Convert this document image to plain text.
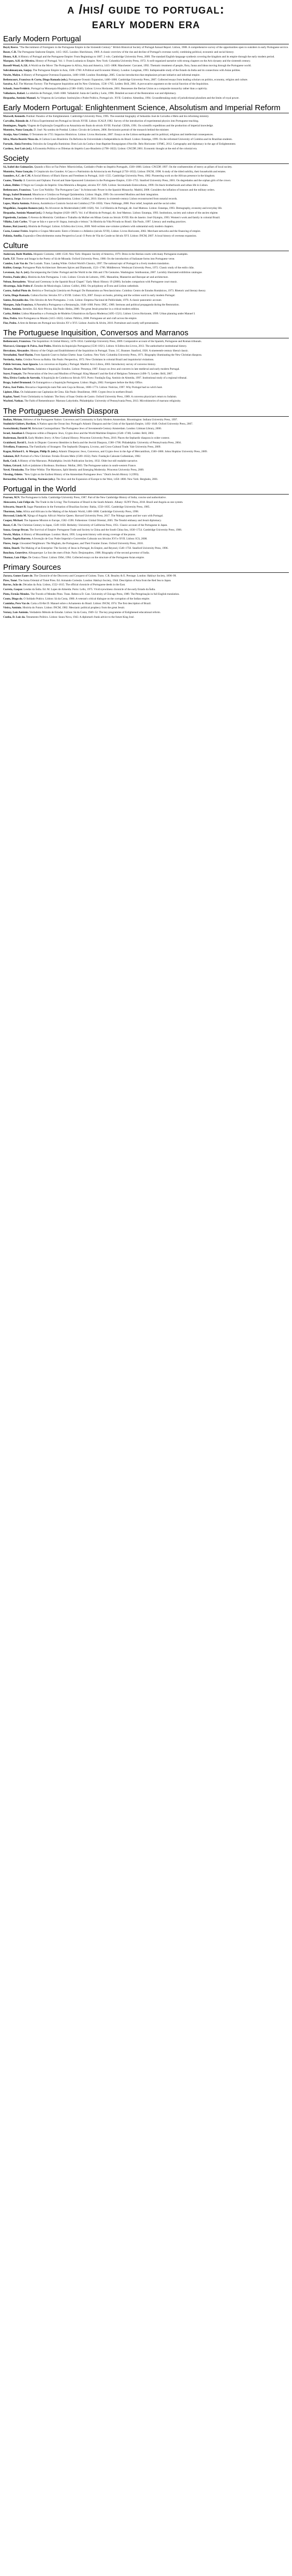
a /his/ guide to portugal:
early modern era
Early Modern Portugal

Boyd, Reeve. "The Recruitment of Foreigners in the Portuguese Empire in the Sixteenth Century." British Historical Society of Portugal Annual Report. Lisbon, 1988. A comprehensive survey of the opportunities open to outsiders in early Portuguese service.

Boxer, C.R. The Portuguese Seaborne Empire, 1415–1825. London: Hutchinson, 1969. A classic overview of the rise and decline of Portugal's overseas world, combining political, economic and social history.

Disney, A.R. A History of Portugal and the Portuguese Empire: From Beginnings to 1807. 2 vols. Cambridge University Press, 2009. The standard English-language synthesis covering the kingdom and its empire through the early modern period.

Marques, A.H. de Oliveira. History of Portugal. Vol. 1: From Lusitania to Empire. New York: Columbia University Press, 1972. A well-organized narrative with strong chapters on the Avis dynasty and the sixteenth century.

Russell-Wood, A.J.R. A World on the Move: The Portuguese in Africa, Asia and America, 1415–1808. Manchester: Carcanet, 1992. Thematic treatment of people, flora, fauna and ideas moving through the Portuguese world.

Subrahmanyam, Sanjay. The Portuguese Empire in Asia, 1500–1700: A Political and Economic History. London: Longman, 1993. Indispensable study of the Estado da India and its connections with Asian polities.

Newitt, Malyn. A History of Portuguese Overseas Expansion, 1400–1668. London: Routledge, 2005. Concise introduction that emphasizes private initiative and informal empire.

Bethencourt, Francisco & Curto, Diogo Ramada (eds.). Portuguese Oceanic Expansion, 1400–1800. Cambridge University Press, 2007. Collected essays from leading scholars on politics, economy, religion and culture.

Saraiva, A.J. The Marrano Factory: The Portuguese Inquisition and Its New Christians, 1536–1765. Leiden: Brill, 2001. A provocative argument on the social function of the Inquisition.

Schaub, Jean-Frédéric. Portugal na Monarquia Hispânica (1580–1640). Lisbon: Livros Horizonte, 2001. Reassesses the Iberian Union as a composite monarchy rather than a captivity.

Valladares, Rafael. La rebelión de Portugal, 1640–1680. Valladolid: Junta de Castilla y León, 1998. Detailed account of the Restoration war and diplomacy.

Hespanha, António Manuel. As Vésperas do Leviathan: Instituições e Poder Político, Portugal séc. XVII. Coimbra: Almedina, 1994. Groundbreaking study of jurisdictional pluralism and the limits of royal power.

Early Modern Portugal: Enlightenment Science, Absolutism and Imperial Reform

Maxwell, Kenneth. Pombal: Paradox of the Enlightenment. Cambridge University Press, 1995. The essential biography of Sebastião José de Carvalho e Melo and his reforming ministry.

Carvalho, Rómulo de. A Física Experimental em Portugal no Século XVIII. Lisbon: ICALP, 1982. Survey of the introduction of experimental physics into Portuguese teaching.

Domingues, Ângela. Viagens de Exploração Geográfica na Amazónia em finais do século XVIII. Funchal: CEHA, 1991. On scientific expeditions and the production of imperial knowledge.

Monteiro, Nuno Gonçalo. D. José: Na sombra de Pombal. Lisbon: Círculo de Leitores, 2006. Revisionist portrait of the monarch behind the minister.

Araújo, Ana Cristina. O Terramoto de 1755: Impactos Históricos. Lisbon: Livros Horizonte, 2007. Essays on the Lisbon earthquake and its political, religious and intellectual consequences.

Silva, Maria Beatriz Nizza da. A Cultura Luso-Brasileira: Da Reforma da Universidade à Independência do Brasil. Lisbon: Estampa, 1999. On the reformed University of Coimbra and its Brazilian students.

Furtado, Júnia Ferreira. Oráculos da Geografia Iluminista: Dom Luís da Cunha e Jean-Baptiste Bourguignon d'Anville. Belo Horizonte: UFMG, 2012. Cartography and diplomacy in the age of Enlightenment.

Cardoso, José Luís (ed.). A Economia Política e os Dilemas do Império Luso-Brasileiro (1790–1822). Lisbon: CNCDP, 2001. Economic thought at the end of the colonial era.

Society

Sá, Isabel dos Guimarães. Quando o Rico se Faz Pobre: Misericórdias, Caridade e Poder no Império Português, 1500–1800. Lisbon: CNCDP, 1997. On the confraternities of mercy as pillars of local society.

Monteiro, Nuno Gonçalo. O Crepúsculo dos Grandes: A Casa e o Património da Aristocracia em Portugal (1750–1832). Lisbon: INCM, 1998. A study of the titled nobility, their households and estates.

Saunders, A.C. de C.M. A Social History of Black Slaves and Freedmen in Portugal, 1441–1555. Cambridge University Press, 1982. Pioneering work on the African presence in the kingdom.

Coates, Timothy J. Convicts and Orphans: Forced and State-Sponsored Colonizers in the Portuguese Empire, 1550–1755. Stanford University Press, 2001. On degredados and the orphan girls of the crown.

Lahon, Didier. O Negro no Coração do Império: Uma Memória a Resgatar, séculos XV–XIX. Lisbon: Secretariado Entreculturas, 1999. On black brotherhoods and urban life in Lisbon.

Bethencourt, Francisco. "Low Cost Nobility: The Portuguese Case." In Aristocratic Power in the Spanish Monarchy. Madrid, 2008. Considers the inflation of honours and the military orders.

Braga, Isabel Drumond. Mouriscos e Cristãos no Portugal Quinhentista. Lisbon: Hugin, 1999. On converted Muslims and their integration.

Fonseca, Jorge. Escravos e Senhores na Lisboa Quinhentista. Lisbon: Colibri, 2010. Slavery in sixteenth-century Lisbon reconstructed from notarial records.

Lopes, Maria Antónia. Pobreza, Assistência e Controlo Social em Coimbra (1750–1850). Viseu: Palimage, 2000. Poor relief, hospitals and the social order.

Magalhães, Joaquim Romero (ed.). No Alvorecer da Modernidade (1480–1620). Vol. 3 of História de Portugal, dir. José Mattoso. Lisbon: Estampa, 1993. Demography, economy and everyday life.

Hespanha, António Manuel (ed.). O Antigo Regime (1620–1807). Vol. 4 of História de Portugal, dir. José Mattoso. Lisbon: Estampa, 1993. Institutions, society and culture of the ancien régime.

Figueiredo, Luciano. O Avesso da Memória: Cotidiano e Trabalho da Mulher em Minas Gerais no Século XVIII. Rio de Janeiro: José Olympio, 1993. Women's work and family in colonial Brazil.

Villalta, Luiz Carlos. "O que se fala e o que se lê: língua, instrução e leitura." In História da Vida Privada no Brasil. São Paulo, 1997. Literacy and reading practices.

Ramos, Rui (coord.). História de Portugal. Lisbon: A Esfera dos Livros, 2009. Well-written one-volume synthesis with substantial early modern chapters.

Costa, Leonor Freire. Império e Grupos Mercantis: Entre o Oriente e o Atlântico (século XVII). Lisbon: Livros Horizonte, 2002. Merchant networks and the financing of empire.

Polónia, Amélia. Expansão e Descobrimentos numa Perspectiva Local: O Porto de Vila do Conde no Século XVI. Lisbon: INCM, 2007. A local history of overseas expansion.

Culture

Anderson, Ruth Matilda. Hispanic Costume, 1480–1530. New York: Hispanic Society of America, 1979. Dress in the Iberian courts with many Portuguese examples.

Earle, T.F. Theme and Image in the Poetry of Sá de Miranda. Oxford University Press, 1980. On the introduction of Italianate forms into Portuguese verse.

Camões, Luís Vaz de. The Lusiads. Trans. Landeg White. Oxford World's Classics, 1997. The national epic of Portugal in a lively modern translation.

Kubler, George. Portuguese Plain Architecture: Between Spices and Diamonds, 1521–1706. Middletown: Wesleyan University Press, 1972. Classic study of the estilo chão.

Levenson, Jay A. (ed.). Encompassing the Globe: Portugal and the World in the 16th and 17th Centuries. Washington: Smithsonian, 2007. Lavishly illustrated exhibition catalogue.

Pereira, Paulo (dir.). História da Arte Portuguesa. 3 vols. Lisbon: Círculo de Leitores, 1995. Manueline, Mannerist and Baroque art and architecture.

Nelson, Bernadette. "Ritual and Ceremony in the Spanish Royal Chapel." Early Music History 19 (2000). Includes comparison with Portuguese court music.

Alvarenga, João Pedro d'. Estudos de Musicologia. Lisbon: Colibri, 2002. On polyphony at Évora and Lisbon cathedrals.

Castro, Aníbal Pinto de. Retórica e Teorização Literária em Portugal: Do Humanismo ao Neoclassicismo. Coimbra: Centro de Estudos Românicos, 1973. Rhetoric and literary theory.

Curto, Diogo Ramada. Cultura Escrita: Séculos XV a XVIII. Lisbon: ICS, 2007. Essays on books, printing and the written word in early modern Portugal.

Santos, Reynaldo dos. Oito Séculos de Arte Portuguesa. 3 vols. Lisbon: Empresa Nacional de Publicidade, 1970. A classic panoramic account.

Marques, João Francisco. A Parenética Portuguesa e a Restauração, 1640–1668. Porto: INIC, 1989. Sermons and political propaganda during the Restoration.

Vieira, António. Sermões. Ed. Alcir Pécora. São Paulo: Hedra, 2000. The great Jesuit preacher in a critical modern edition.

Carita, Helder. Lisboa Manuelina e a Formação de Modelos Urbanísticos da Época Moderna (1495–1521). Lisbon: Livros Horizonte, 1999. Urban planning under Manuel I.

Dias, Pedro. Arte Portuguesa no Mundo (1415–1822). Lisbon: Público, 2008. Portuguese art and craft across the empire.

Flor, Pedro. A Arte do Retrato em Portugal nos Séculos XV e XVI. Lisbon: Assírio & Alvim, 2010. Portraiture and courtly self-presentation.

The Portuguese Inquisition, Conversos and Marranos

Bethencourt, Francisco. The Inquisition: A Global History, 1478–1834. Cambridge University Press, 2009. Comparative account of the Spanish, Portuguese and Roman tribunals.

Marcocci, Giuseppe & Paiva, José Pedro. História da Inquisição Portuguesa (1536–1821). Lisbon: A Esfera dos Livros, 2013. The authoritative institutional history.

Herculano, Alexandre. History of the Origin and Establishment of the Inquisition in Portugal. Trans. J.C. Branner. Stanford, 1926. A nineteenth-century liberal classic.

Yerushalmi, Yosef Hayim. From Spanish Court to Italian Ghetto: Isaac Cardoso. New York: Columbia University Press, 1971. Biography illuminating the New Christian diaspora.

Novinsky, Anita. Cristãos Novos na Bahia. São Paulo: Perspectiva, 1972. New Christians in colonial Brazil and inquisitorial visitations.

Pulido Serrano, Juan Ignacio. Los conversos en España y Portugal. Madrid: Arco Libros, 2003. Introductory survey of converso history.

Tavares, Maria José Ferro. Judaísmo e Inquisição: Estudos. Lisbon: Presença, 1987. Essays on Jews and converts in late medieval and early modern Portugal.

Soyer, François. The Persecution of the Jews and Muslims of Portugal: King Manuel I and the End of Religious Tolerance (1496–7). Leiden: Brill, 2007.

Mea, Elvira Cunha de Azevedo. A Inquisição de Coimbra no Século XVI. Porto: Fundação Eng. António de Almeida, 1997. Institutional study of a regional tribunal.

Braga, Isabel Drumond. Os Estrangeiros e a Inquisição Portuguesa. Lisbon: Hugin, 2002. Foreigners before the Holy Office.

Paiva, José Pedro. Bruxaria e Superstição num País sem Caça às Bruxas, 1600–1774. Lisbon: Notícias, 1997. Why Portugal had no witch hunt.

Lipiner, Elias. Os Judaizantes nas Capitanias de Cima. São Paulo: Brasiliense, 1969. Crypto-Jews in northern Brazil.

Kaplan, Yosef. From Christianity to Judaism: The Story of Isaac Orobio de Castro. Oxford University Press, 1989. A converso physician's return to Judaism.

Wachtel, Nathan. The Faith of Remembrance: Marrano Labyrinths. Philadelphia: University of Pennsylvania Press, 2013. Microhistories of marrano religiosity.

The Portuguese Jewish Diaspora

Bodian, Miriam. Hebrews of the Portuguese Nation: Conversos and Community in Early Modern Amsterdam. Bloomington: Indiana University Press, 1997.

Studnicki-Gizbert, Daviken. A Nation upon the Ocean Sea: Portugal's Atlantic Diaspora and the Crisis of the Spanish Empire, 1492–1640. Oxford University Press, 2007.

Swetschinski, Daniel M. Reluctant Cosmopolitans: The Portuguese Jews of Seventeenth-Century Amsterdam. London: Littman Library, 2000.

Israel, Jonathan I. Diasporas within a Diaspora: Jews, Crypto-Jews and the World Maritime Empires (1540–1740). Leiden: Brill, 2002.

Ruderman, David B. Early Modern Jewry: A New Cultural History. Princeton University Press, 2010. Places the Sephardic diaspora in wider context.

Graizbord, David L. Souls in Dispute: Converso Identities in Iberia and the Jewish Diaspora, 1580–1700. Philadelphia: University of Pennsylvania Press, 2004.

Trivellato, Francesca. The Familiarity of Strangers: The Sephardic Diaspora, Livorno, and Cross-Cultural Trade. Yale University Press, 2009.

Kagan, Richard L. & Morgan, Philip D. (eds.). Atlantic Diasporas: Jews, Conversos, and Crypto-Jews in the Age of Mercantilism, 1500–1800. Johns Hopkins University Press, 2009.

Salomon, H.P. Portrait of a New Christian: Fernão Álvares Melo (1569–1632). Paris: Fundação Calouste Gulbenkian, 1982.

Roth, Cecil. A History of the Marranos. Philadelphia: Jewish Publication Society, 1932. Older but still readable narrative.

Nahon, Gérard. Juifs et judaïsme à Bordeaux. Bordeaux: Mollat, 2003. The Portuguese nation in south-western France.

Yovel, Yirmiyahu. The Other Within: The Marranos, Split Identity and Emerging Modernity. Princeton University Press, 2009.

Vlessing, Odette. "New Light on the Earliest History of the Amsterdam Portuguese Jews." Dutch Jewish History 3 (1993).

Bernardini, Paolo & Fiering, Norman (eds.). The Jews and the Expansion of Europe to the West, 1450–1800. New York: Berghahn, 2001.

Portugal in the World

Pearson, M.N. The Portuguese in India. Cambridge University Press, 1987. Part of the New Cambridge History of India; concise and authoritative.

Alencastro, Luiz Felipe de. The Trade in the Living: The Formation of Brazil in the South Atlantic. Albany: SUNY Press, 2018. Brazil and Angola as one system.

Schwartz, Stuart B. Sugar Plantations in the Formation of Brazilian Society: Bahia, 1550–1835. Cambridge University Press, 1985.

Thornton, John. Africa and Africans in the Making of the Atlantic World, 1400–1800. Cambridge University Press, 1998.

Heywood, Linda M. Njinga of Angola: Africa's Warrior Queen. Harvard University Press, 2017. The Ndongo queen and her wars with Portugal.

Cooper, Michael. The Japanese Mission to Europe, 1582–1590. Folkestone: Global Oriental, 2005. The Tenshō embassy and Jesuit diplomacy.

Boxer, C.R. The Christian Century in Japan, 1549–1650. Berkeley: University of California Press, 1951. Classic account of the Portuguese in Japan.

Souza, George Bryan. The Survival of Empire: Portuguese Trade and Society in China and the South China Sea, 1630–1754. Cambridge University Press, 1986.

Newitt, Malyn. A History of Mozambique. London: Hurst, 1995. Long-term history with strong coverage of the prazos.

Xavier, Ângela Barreto. A Invenção de Goa: Poder Imperial e Conversões Culturais nos Séculos XVI e XVII. Lisbon: ICS, 2008.

Flores, Jorge. Unwanted Neighbours: The Mughals, the Portuguese, and Their Frontier Zones. Oxford University Press, 2018.

Alden, Dauril. The Making of an Enterprise: The Society of Jesus in Portugal, Its Empire, and Beyond, 1540–1750. Stanford University Press, 1996.

Bouchon, Geneviève. Albuquerque: Le lion des mers d'Asie. Paris: Desjonquères, 1988. Biography of the second governor of India.

Thomaz, Luís Filipe. De Ceuta a Timor. Lisbon: Difel, 1994. Collected essays on the structure of the Portuguese Asian empire.

Primary Sources

Zurara, Gomes Eanes de. The Chronicle of the Discovery and Conquest of Guinea. Trans. C.R. Beazley & E. Prestage. London: Hakluyt Society, 1896–99.

Pires, Tomé. The Suma Oriental of Tomé Pires. Ed. Armando Cortesão. London: Hakluyt Society, 1944. Description of Asia from the Red Sea to Japan.

Barros, João de. Décadas da Ásia. Lisbon, 1552–1615. The official chronicle of Portuguese deeds in the East.

Correia, Gaspar. Lendas da Índia. Ed. M. Lopes de Almeida. Porto: Lello, 1975. Vivid eyewitness chronicle of the early Estado da Índia.

Pinto, Fernão Mendes. The Travels of Mendes Pinto. Trans. Rebecca D. Catz. University of Chicago Press, 1989. The Peregrinação in full English translation.

Couto, Diogo do. O Soldado Prático. Lisbon: Sá da Costa, 1980. A veteran's critical dialogue on the corruption of the Indian empire.

Caminha, Pero Vaz de. Carta a El-Rei D. Manuel sobre o Achamento do Brasil. Lisbon: INCM, 1974. The first description of Brazil.

Vieira, António. História do Futuro. Lisbon: INCM, 1982. Messianic political prophecy from the great Jesuit.

Verney, Luís António. Verdadeiro Método de Estudar. Lisbon: Sá da Costa, 1949–52. The key programme of Enlightened educational reform.

Cunha, D. Luís da. Testamento Político. Lisbon: Seara Nova, 1943. A diplomat's frank advice to the future King José.
